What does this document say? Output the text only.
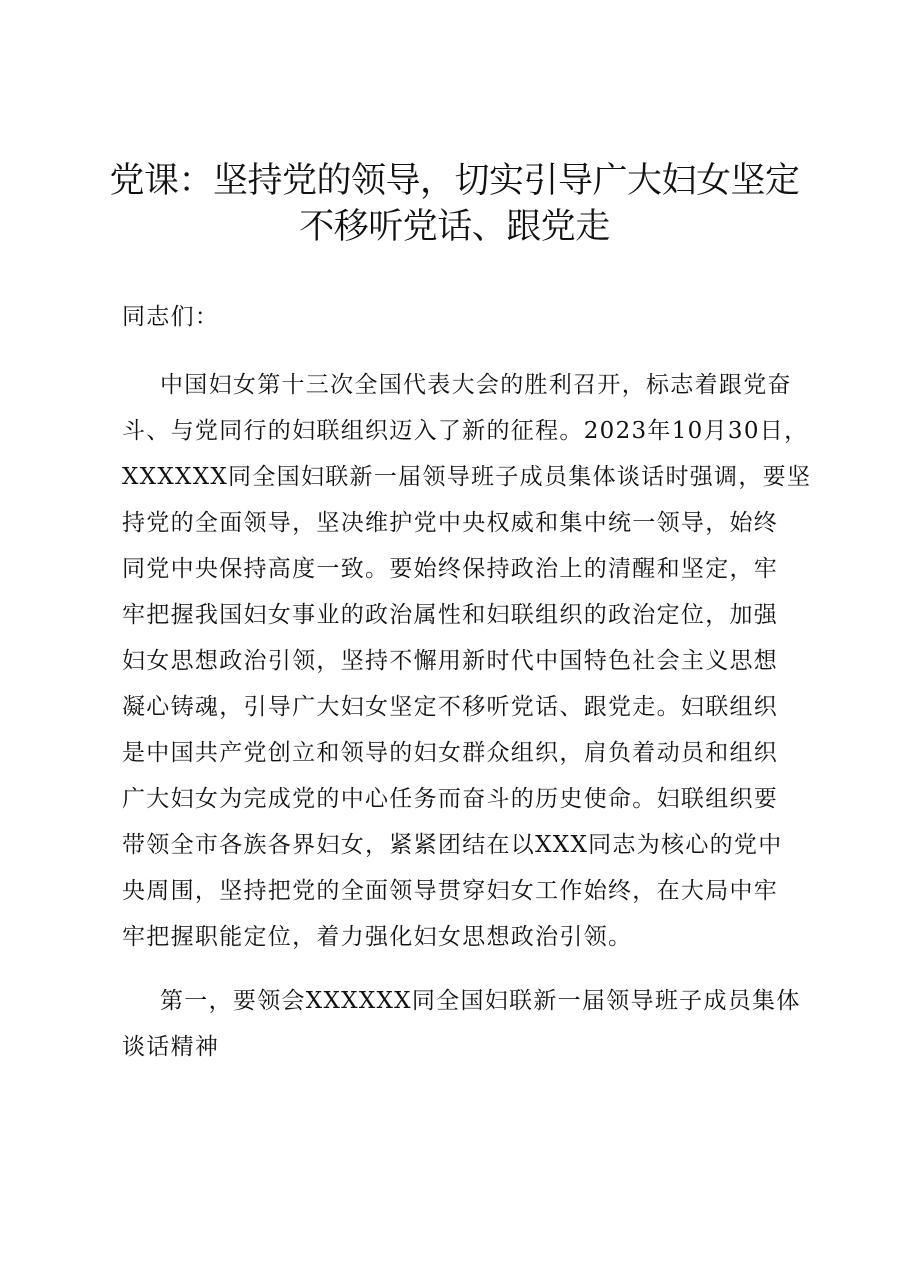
党课：坚持党的领导，切实引导广大妇女坚定
不移听党话、跟党走
同志们：
中国妇女第十三次全国代表大会的胜利召开，标志着跟党奋
斗、与党同行的妇联组织迈入了新的征程。2023年10月30日，
XXXXXX同全国妇联新一届领导班子成员集体谈话时强调，要坚
持党的全面领导，坚决维护党中央权威和集中统一领导，始终
同党中央保持高度一致。要始终保持政治上的清醒和坚定，牢
牢把握我国妇女事业的政治属性和妇联组织的政治定位，加强
妇女思想政治引领，坚持不懈用新时代中国特色社会主义思想
凝心铸魂，引导广大妇女坚定不移听党话、跟党走。妇联组织
是中国共产党创立和领导的妇女群众组织，肩负着动员和组织
广大妇女为完成党的中心任务而奋斗的历史使命。妇联组织要
带领全市各族各界妇女，紧紧团结在以XXX同志为核心的党中
央周围，坚持把党的全面领导贯穿妇女工作始终，在大局中牢
牢把握职能定位，着力强化妇女思想政治引领。
第一，要领会XXXXXX同全国妇联新一届领导班子成员集体
谈话精神
